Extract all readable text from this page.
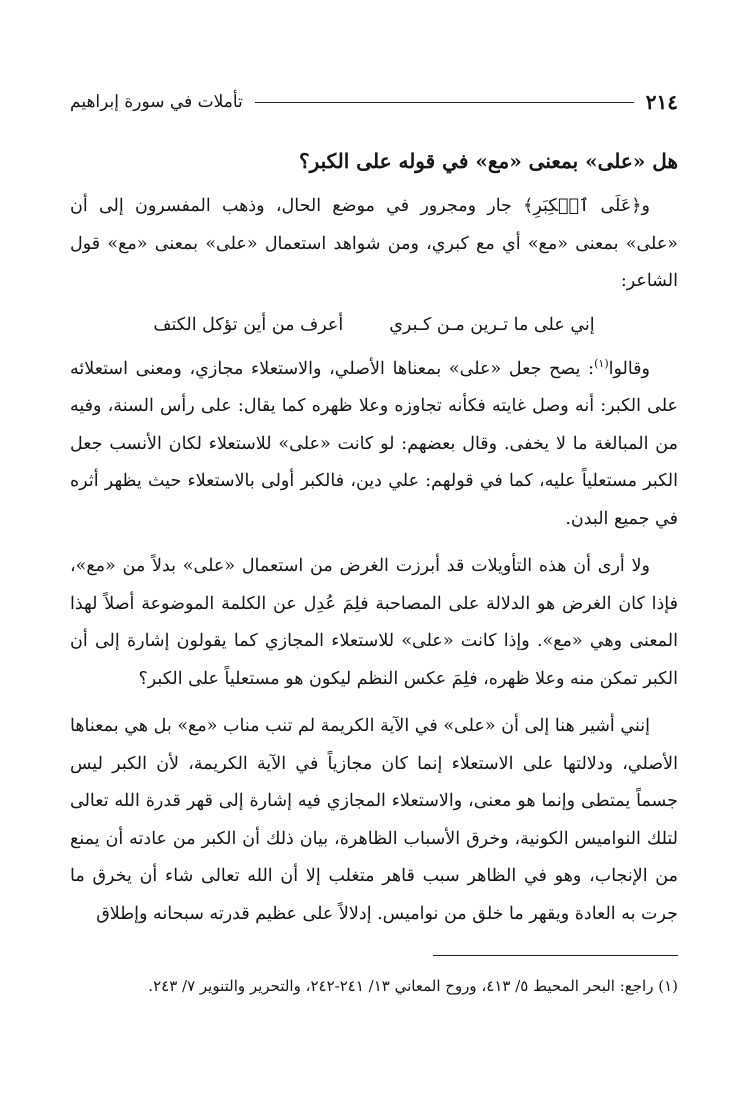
٢١٤
تأملات في سورة إبراهيم
هل «على» بمعنى «مع» في قوله على الكبر؟

و﴿عَلَى ٱلۡكِبَرِ﴾ جار ومجرور في موضع الحال، وذهب المفسرون إلى أن «على» بمعنى «مع» أي مع كبري، ومن شواهد استعمال «على» بمعنى «مع» قول الشاعر:

إني على ما تـرين مـن كـبري
أعرف من أين تؤكل الكتف

وقالوا$^{(١)}$: يصح جعل «على» بمعناها الأصلي، والاستعلاء مجازي، ومعنى استعلائه على الكبر: أنه وصل غايته فكأنه تجاوزه وعلا ظهره كما يقال: على رأس السنة، وفيه من المبالغة ما لا يخفى. وقال بعضهم: لو كانت «على» للاستعلاء لكان الأنسب جعل الكبر مستعلياً عليه، كما في قولهم: علي دين، فالكبر أولى بالاستعلاء حيث يظهر أثره في جميع البدن.

ولا أرى أن هذه التأويلات قد أبرزت الغرض من استعمال «على» بدلاً من «مع»، فإذا كان الغرض هو الدلالة على المصاحبة فلِمَ عُدِل عن الكلمة الموضوعة أصلاً لهذا المعنى وهي «مع». وإذا كانت «على» للاستعلاء المجازي كما يقولون إشارة إلى أن الكبر تمكن منه وعلا ظهره، فلِمَ عكس النظم ليكون هو مستعلياً على الكبر؟

إنني أشير هنا إلى أن «على» في الآية الكريمة لم تنب مناب «مع» بل هي بمعناها الأصلي، ودلالتها على الاستعلاء إنما كان مجازياً في الآية الكريمة، لأن الكبر ليس جسماً يمتطى وإنما هو معنى، والاستعلاء المجازي فيه إشارة إلى قهر قدرة الله تعالى لتلك النواميس الكونية، وخرق الأسباب الظاهرة، بيان ذلك أن الكبر من عادته أن يمنع من الإنجاب، وهو في الظاهر سبب قاهر متغلب إلا أن الله تعالى شاء أن يخرق ما جرت به العادة ويقهر ما خلق من نواميس. إدلالاً على عظيم قدرته سبحانه وإطلاق

(١) راجع: البحر المحيط ٥/ ٤١٣، وروح المعاني ١٣/ ٢٤١-٢٤٢، والتحرير والتنوير ٧/ ٢٤٣.
